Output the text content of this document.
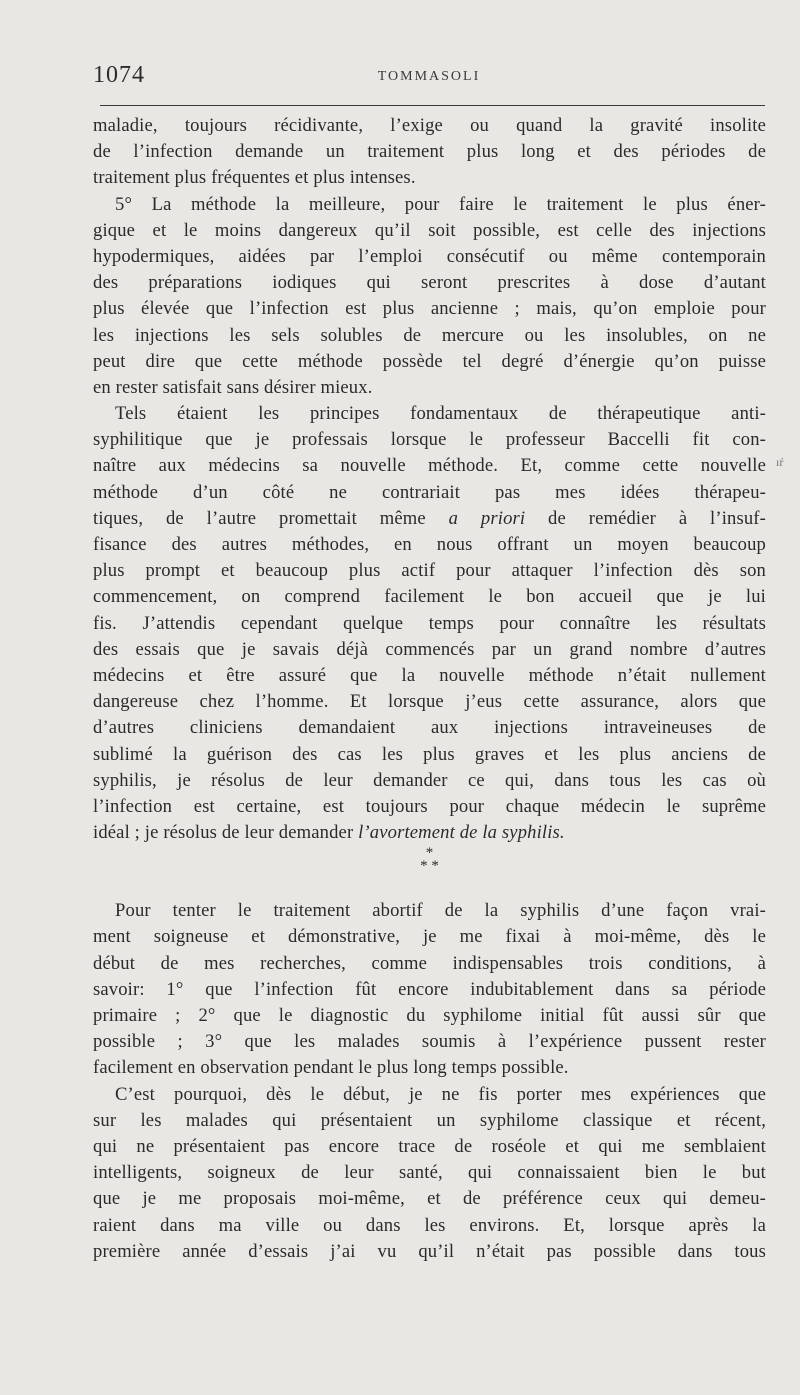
1074	TOMMASOLI
ıŕ
maladie, toujours récidivante, l’exige ou quand la gravité insolite
de l’infection demande un traitement plus long et des périodes de
traitement plus fréquentes et plus intenses.
5° La méthode la meilleure, pour faire le traitement le plus éner-
gique et le moins dangereux qu’il soit possible, est celle des injections
hypodermiques, aidées par l’emploi consécutif ou même contemporain
des préparations iodiques qui seront prescrites à dose d’autant
plus élevée que l’infection est plus ancienne ; mais, qu’on emploie pour
les injections les sels solubles de mercure ou les insolubles, on ne
peut dire que cette méthode possède tel degré d’énergie qu’on puisse
en rester satisfait sans désirer mieux.
Tels étaient les principes fondamentaux de thérapeutique anti-
syphilitique que je professais lorsque le professeur Baccelli fit con-
naître aux médecins sa nouvelle méthode. Et, comme cette nouvelle
méthode d’un côté ne contrariait pas mes idées thérapeu-
tiques, de l’autre promettait même a priori de remédier à l’insuf-
fisance des autres méthodes, en nous offrant un moyen beaucoup
plus prompt et beaucoup plus actif pour attaquer l’infection dès son
commencement, on comprend facilement le bon accueil que je lui
fis. J’attendis cependant quelque temps pour connaître les résultats
des essais que je savais déjà commencés par un grand nombre d’autres
médecins et être assuré que la nouvelle méthode n’était nullement
dangereuse chez l’homme. Et lorsque j’eus cette assurance, alors que
d’autres cliniciens demandaient aux injections intraveineuses de
sublimé la guérison des cas les plus graves et les plus anciens de
syphilis, je résolus de leur demander ce qui, dans tous les cas où
l’infection est certaine, est toujours pour chaque médecin le suprême
idéal ; je résolus de leur demander l’avortement de la syphilis.
*
* *
Pour tenter le traitement abortif de la syphilis d’une façon vrai-
ment soigneuse et démonstrative, je me fixai à moi-même, dès le
début de mes recherches, comme indispensables trois conditions, à
savoir: 1° que l’infection fût encore indubitablement dans sa période
primaire ; 2° que le diagnostic du syphilome initial fût aussi sûr que
possible ; 3° que les malades soumis à l’expérience pussent rester
facilement en observation pendant le plus long temps possible.
C’est pourquoi, dès le début, je ne fis porter mes expériences que
sur les malades qui présentaient un syphilome classique et récent,
qui ne présentaient pas encore trace de roséole et qui me semblaient
intelligents, soigneux de leur santé, qui connaissaient bien le but
que je me proposais moi-même, et de préférence ceux qui demeu-
raient dans ma ville ou dans les environs. Et, lorsque après la
première année d’essais j’ai vu qu’il n’était pas possible dans tous
